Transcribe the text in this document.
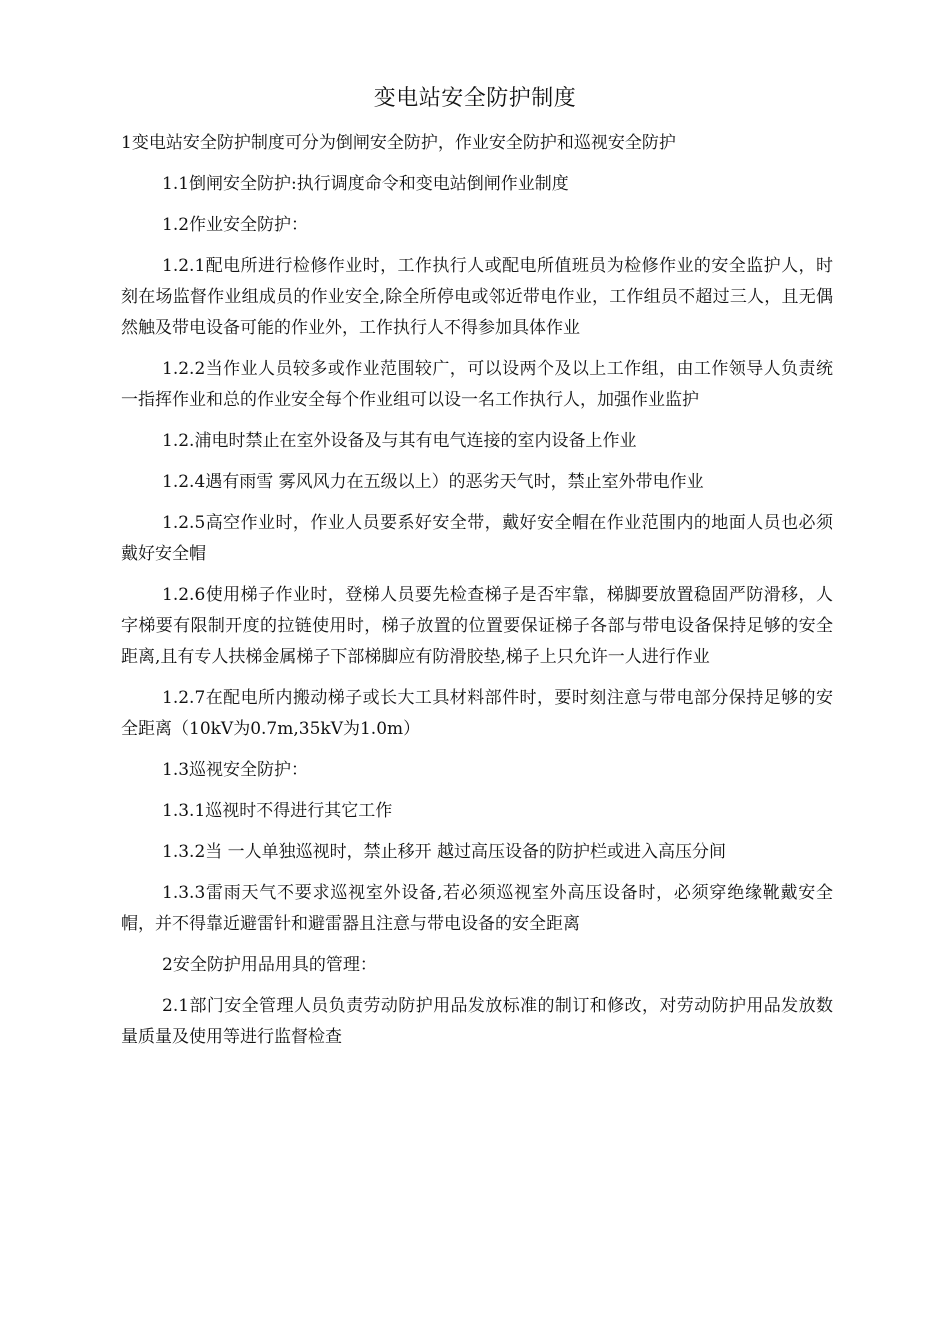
变电站安全防护制度

1变电站安全防护制度可分为倒闸安全防护，作业安全防护和巡视安全防护

1.1倒闸安全防护:执行调度命令和变电站倒闸作业制度

1.2作业安全防护：

1.2.1配电所进行检修作业时，工作执行人或配电所值班员为检修作业的安全监护人，时刻在场监督作业组成员的作业安全,除全所停电或邻近带电作业，工作组员不超过三人，且无偶然触及带电设备可能的作业外，工作执行人不得参加具体作业

1.2.2当作业人员较多或作业范围较广，可以设两个及以上工作组，由工作领导人负责统一指挥作业和总的作业安全每个作业组可以设一名工作执行人，加强作业监护

1.2.浦电时禁止在室外设备及与其有电气连接的室内设备上作业

1.2.4遇有雨雪 雾风风力在五级以上）的恶劣天气时，禁止室外带电作业

1.2.5高空作业时，作业人员要系好安全带，戴好安全帽在作业范围内的地面人员也必须戴好安全帽

1.2.6使用梯子作业时，登梯人员要先检查梯子是否牢靠，梯脚要放置稳固严防滑移，人字梯要有限制开度的拉链使用时，梯子放置的位置要保证梯子各部与带电设备保持足够的安全距离,且有专人扶梯金属梯子下部梯脚应有防滑胶垫,梯子上只允许一人进行作业

1.2.7在配电所内搬动梯子或长大工具材料部件时，要时刻注意与带电部分保持足够的安全距离（10kV为0.7m,35kV为1.0m）

1.3巡视安全防护：

1.3.1巡视时不得进行其它工作

1.3.2当 一人单独巡视时，禁止移开 越过高压设备的防护栏或进入高压分间

1.3.3雷雨天气不要求巡视室外设备,若必须巡视室外高压设备时，必须穿绝缘靴戴安全帽，并不得靠近避雷针和避雷器且注意与带电设备的安全距离

2安全防护用品用具的管理：

2.1部门安全管理人员负责劳动防护用品发放标准的制订和修改，对劳动防护用品发放数量质量及使用等进行监督检查
